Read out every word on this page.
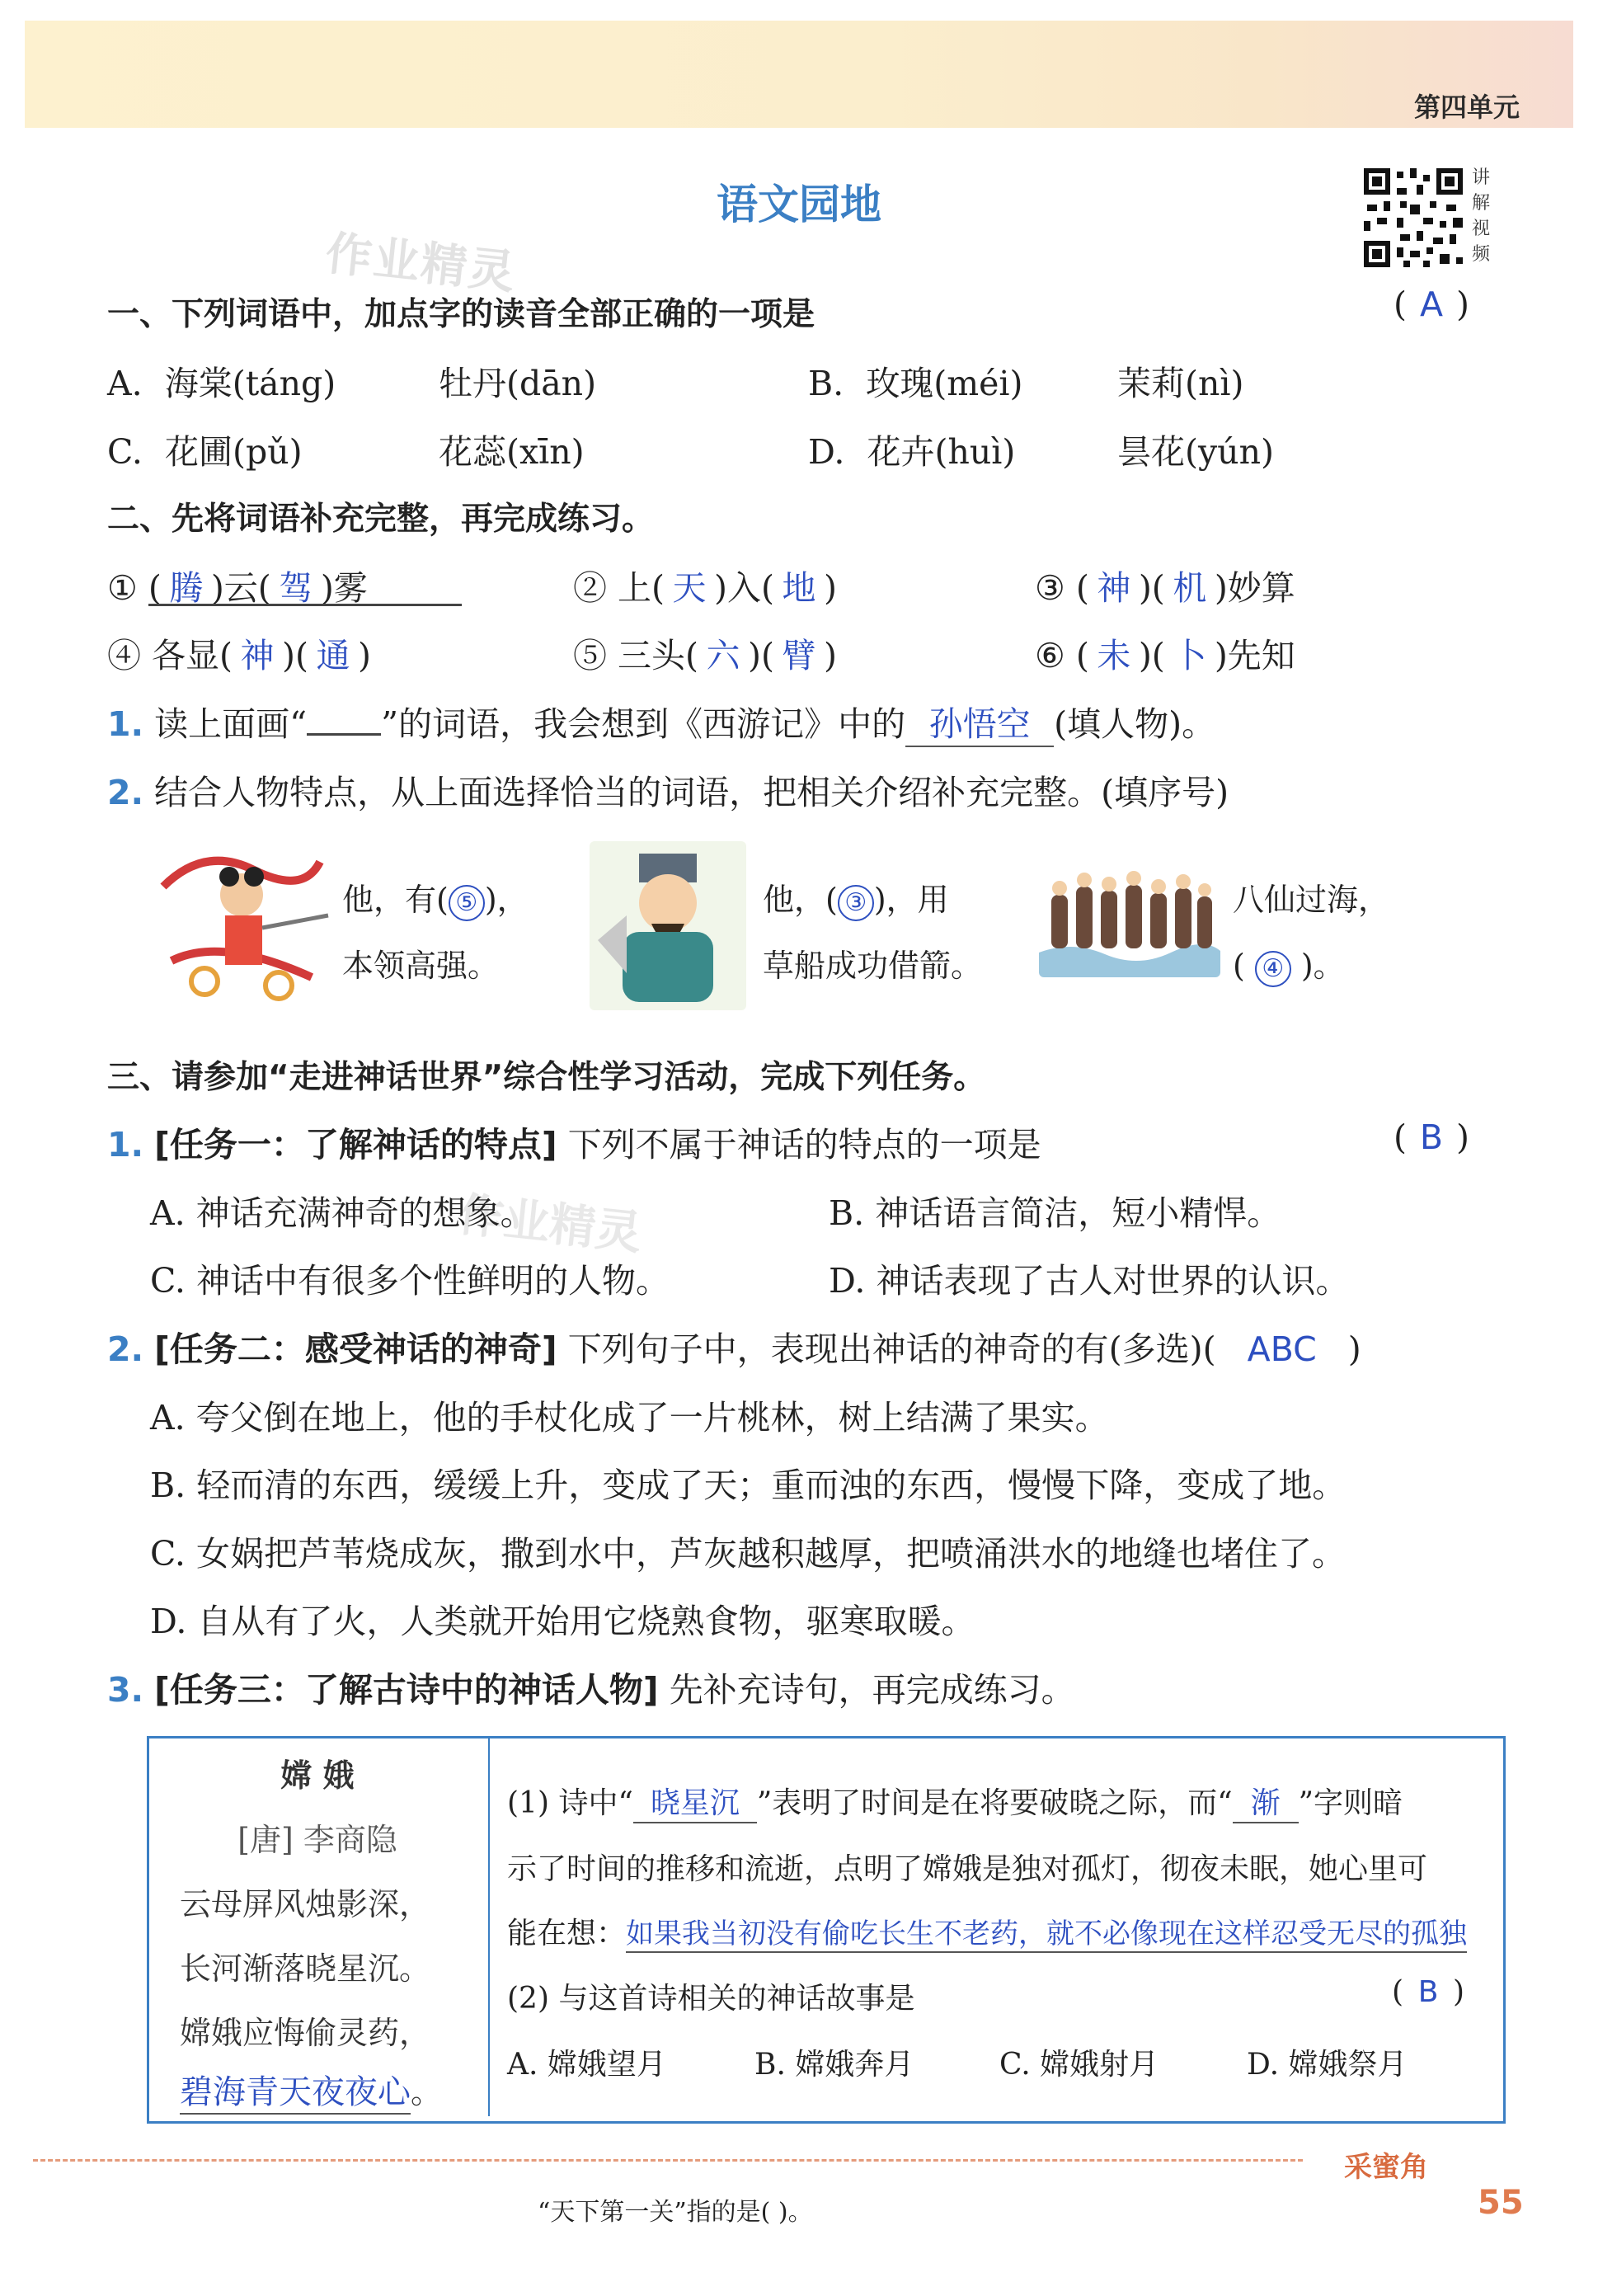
第四单元
语文园地
讲
解
视
频
作业精灵
作业精灵
一、下列词语中，加点字的读音全部正确的一项是	( A )
A. 海棠(táng)	牡丹(dān)	B. 玫瑰(méi)	茉莉(nì)
C. 花圃(pǔ)	花蕊(xīn)	D. 花卉(huì)	昙花(yún)
二、先将词语补充完整，再完成练习。
① ( 腾 )云( 驾 )雾	② 上( 天 )入( 地 )	③ ( 神 )( 机 )妙算
④ 各显( 神 )( 通 )	⑤ 三头( 六 )( 臂 )	⑥ ( 未 )( 卜 )先知
1. 读上面画“ ”的词语，我会想到《西游记》中的 孙悟空 (填人物)。
2. 结合人物特点，从上面选择恰当的词语，把相关介绍补充完整。(填序号)
他，有( ⑤ )，
本领高强。
他，( ③ )，用
草船成功借箭。
八仙过海，
( ④ )。
三、请参加“走进神话世界”综合性学习活动，完成下列任务。
1. [任务一：了解神话的特点] 下列不属于神话的特点的一项是	( B )
A. 神话充满神奇的想象。	B. 神话语言简洁，短小精悍。
C. 神话中有很多个性鲜明的人物。	D. 神话表现了古人对世界的认识。
2. [任务二：感受神话的神奇] 下列句子中，表现出神话的神奇的有(多选)( ABC )
A. 夸父倒在地上，他的手杖化成了一片桃林，树上结满了果实。
B. 轻而清的东西，缓缓上升，变成了天；重而浊的东西，慢慢下降，变成了地。
C. 女娲把芦苇烧成灰，撒到水中，芦灰越积越厚，把喷涌洪水的地缝也堵住了。
D. 自从有了火，人类就开始用它烧熟食物，驱寒取暖。
3. [任务三：了解古诗中的神话人物] 先补充诗句，再完成练习。
嫦 娥
[唐] 李商隐
云母屏风烛影深，
长河渐落晓星沉。
嫦娥应悔偷灵药，
碧海青天夜夜心。
(1) 诗中“ 晓星沉 ”表明了时间是在将要破晓之际，而“ 渐 ”字则暗
示了时间的推移和流逝，点明了嫦娥是独对孤灯，彻夜未眠，她心里可
能在想：如果我当初没有偷吃长生不老药，就不必像现在这样忍受无尽的孤独
(2) 与这首诗相关的神话故事是	( B )
A. 嫦娥望月	B. 嫦娥奔月	C. 嫦娥射月	D. 嫦娥祭月
采蜜角
“天下第一关”指的是( )。	55
